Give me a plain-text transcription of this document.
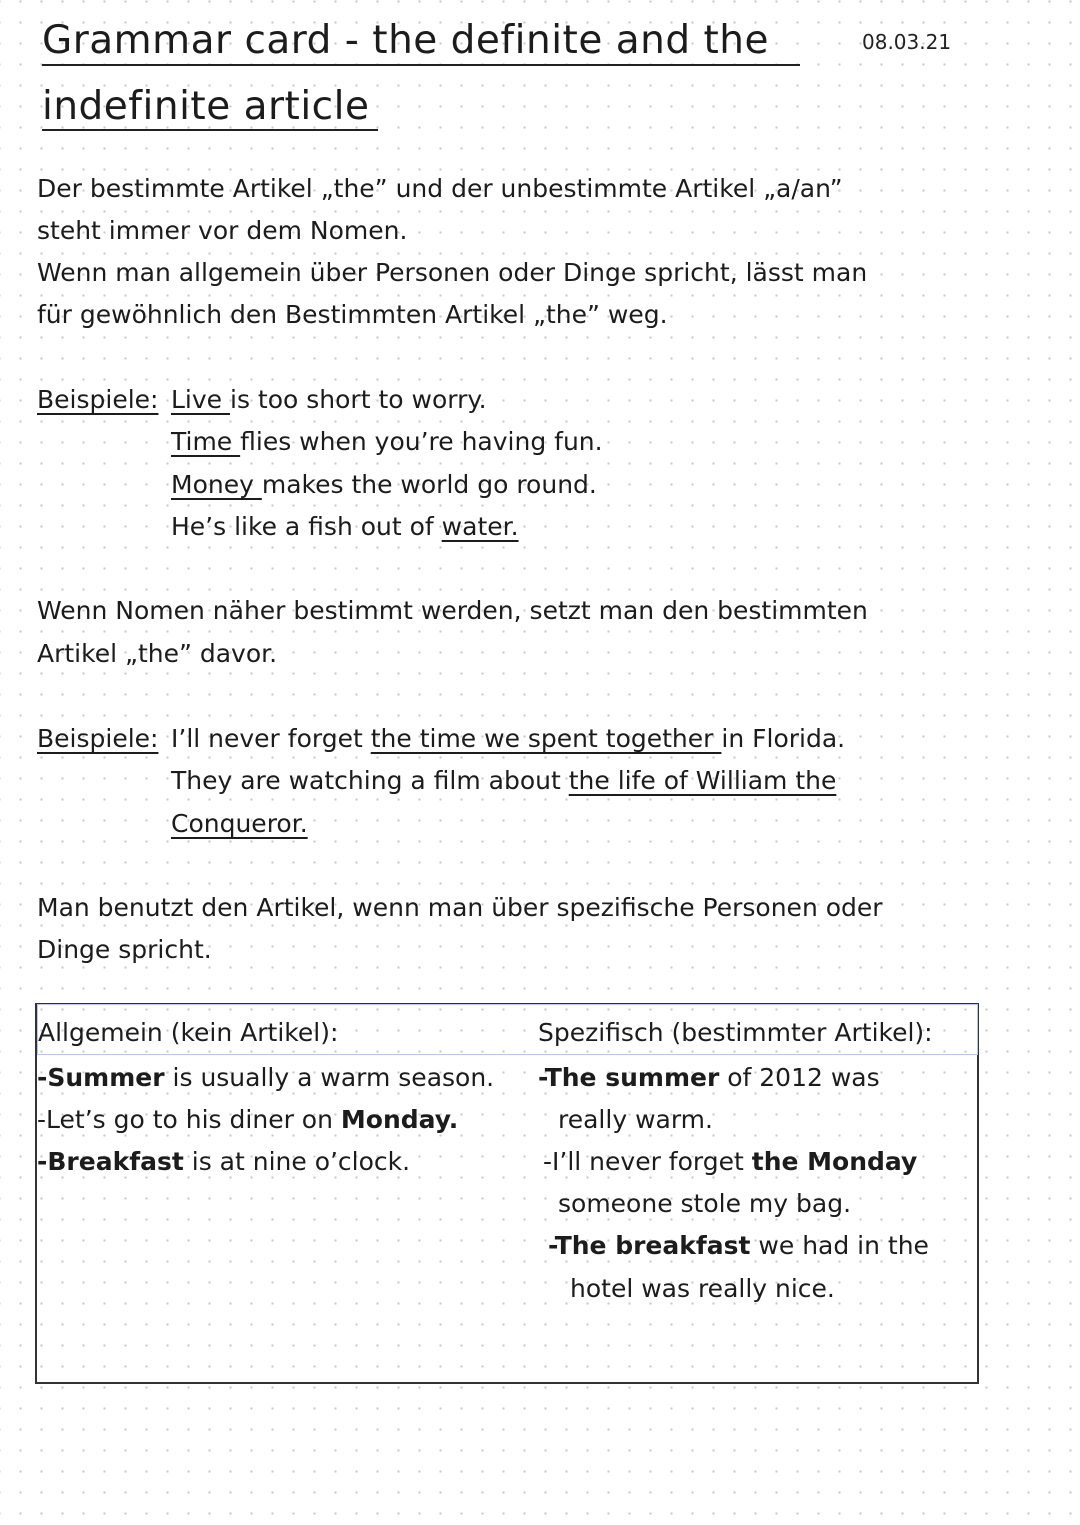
Grammar card - the definite and the
indefinite article
08.03.21
Der bestimmte Artikel „the” und der unbestimmte Artikel „a/an”
steht immer vor dem Nomen.
Wenn man allgemein über Personen oder Dinge spricht, lässt man
für gewöhnlich den Bestimmten Artikel „the” weg.
Beispiele: Live is too short to worry.
Time flies when you’re having fun.
Money makes the world go round.
He’s like a fish out of water.
Wenn Nomen näher bestimmt werden, setzt man den bestimmten
Artikel „the” davor.
Beispiele: I’ll never forget the time we spent together in Florida.
They are watching a film about the life of William the
Conqueror.
Man benutzt den Artikel, wenn man über spezifische Personen oder
Dinge spricht.
Allgemein (kein Artikel):	Spezifisch (bestimmter Artikel):
-Summer is usually a warm season.
-Let’s go to his diner on Monday.
-Breakfast is at nine o’clock.
-The summer of 2012 was
really warm.
-I’ll never forget the Monday
someone stole my bag.
-The breakfast we had in the
hotel was really nice.
